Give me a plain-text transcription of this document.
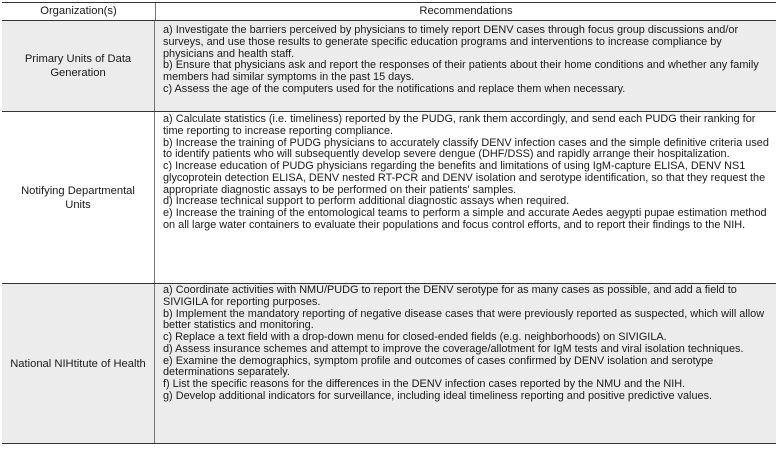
Organization(s)	Recommendations
Primary Units of Data Generation

a) Investigate the barriers perceived by physicians to timely report DENV cases through focus group discussions and/or surveys, and use those results to generate specific education programs and interventions to increase compliance by physicians and health staff.

b) Ensure that physicians ask and report the responses of their patients about their home conditions and whether any family members had similar symptoms in the past 15 days.

c) Assess the age of the computers used for the notifications and replace them when necessary.

Notifying Departmental Units

a) Calculate statistics (i.e. timeliness) reported by the PUDG, rank them accordingly, and send each PUDG their ranking for time reporting to increase reporting compliance.

b) Increase the training of PUDG physicians to accurately classify DENV infection cases and the simple definitive criteria used to identify patients who will subsequently develop severe dengue (DHF/DSS) and rapidly arrange their hospitalization.

c) Increase education of PUDG physicians regarding the benefits and limitations of using IgM-capture ELISA, DENV NS1 glycoprotein detection ELISA, DENV nested RT-PCR and DENV isolation and serotype identification, so that they request the appropriate diagnostic assays to be performed on their patients' samples.

d) Increase technical support to perform additional diagnostic assays when required.

e) Increase the training of the entomological teams to perform a simple and accurate Aedes aegypti pupae estimation method on all large water containers to evaluate their populations and focus control efforts, and to report their findings to the NIH.

National NIHtitute of Health

a) Coordinate activities with NMU/PUDG to report the DENV serotype for as many cases as possible, and add a field to SIVIGILA for reporting purposes.

b) Implement the mandatory reporting of negative disease cases that were previously reported as suspected, which will allow better statistics and monitoring.

c) Replace a text field with a drop-down menu for closed-ended fields (e.g. neighborhoods) on SIVIGILA.

d) Assess insurance schemes and attempt to improve the coverage/allotment for IgM tests and viral isolation techniques.

e) Examine the demographics, symptom profile and outcomes of cases confirmed by DENV isolation and serotype determinations separately.

f) List the specific reasons for the differences in the DENV infection cases reported by the NMU and the NIH.

g) Develop additional indicators for surveillance, including ideal timeliness reporting and positive predictive values.
